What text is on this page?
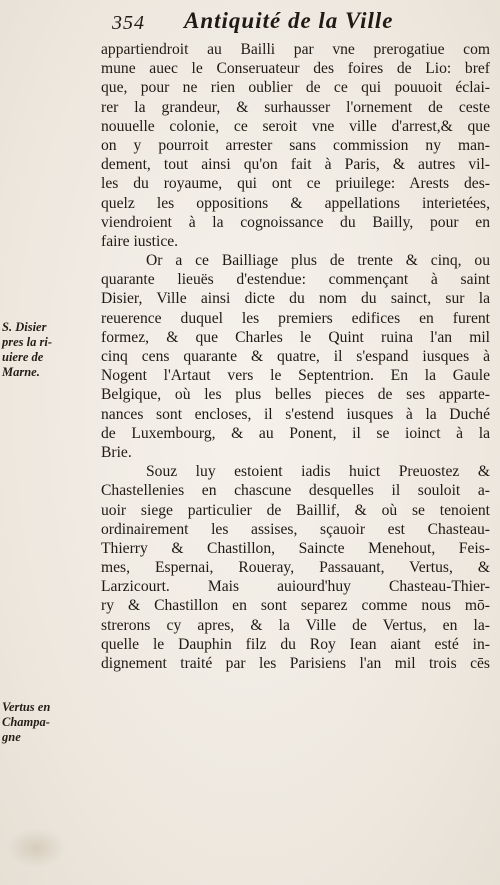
354 Antiquité de la Ville
S. Disier
pres la ri-
uiere de
Marne.
Vertus en
Champa-
gne
appartiendroit au Bailli par vne prerogatiue com
mune auec le Conseruateur des foires de Lio: bref
que, pour ne rien oublier de ce qui pouuoit éclai-
rer la grandeur, & surhausser l'ornement de ceste
nouuelle colonie, ce seroit vne ville d'arrest,& que
on y pourroit arrester sans commission ny man-
dement, tout ainsi qu'on fait à Paris, & autres vil-
les du royaume, qui ont ce priuilege: Arests des-
quelz les oppositions & appellations interietées,
viendroient à la cognoissance du Bailly, pour en
faire iustice.
Or a ce Bailliage plus de trente & cinq, ou
quarante lieuës d'estendue: commençant à saint
Disier, Ville ainsi dicte du nom du sainct, sur la
reuerence duquel les premiers edifices en furent
formez, & que Charles le Quint ruina l'an mil
cinq cens quarante & quatre, il s'espand iusques à
Nogent l'Artaut vers le Septentrion. En la Gaule
Belgique, où les plus belles pieces de ses apparte-
nances sont encloses, il s'estend iusques à la Duché
de Luxembourg, & au Ponent, il se ioinct à la
Brie.
Souz luy estoient iadis huict Preuostez &
Chastellenies en chascune desquelles il souloit a-
uoir siege particulier de Baillif, & où se tenoient
ordinairement les assises, sçauoir est Chasteau-
Thierry & Chastillon, Saincte Menehout, Feis-
mes, Espernai, Roueray, Passauant, Vertus, &
Larzicourt. Mais auiourd'huy Chasteau-Thier-
ry & Chastillon en sont separez comme nous mō-
strerons cy apres, & la Ville de Vertus, en la-
quelle le Dauphin filz du Roy Iean aiant esté in-
dignement traité par les Parisiens l'an mil trois cēs
